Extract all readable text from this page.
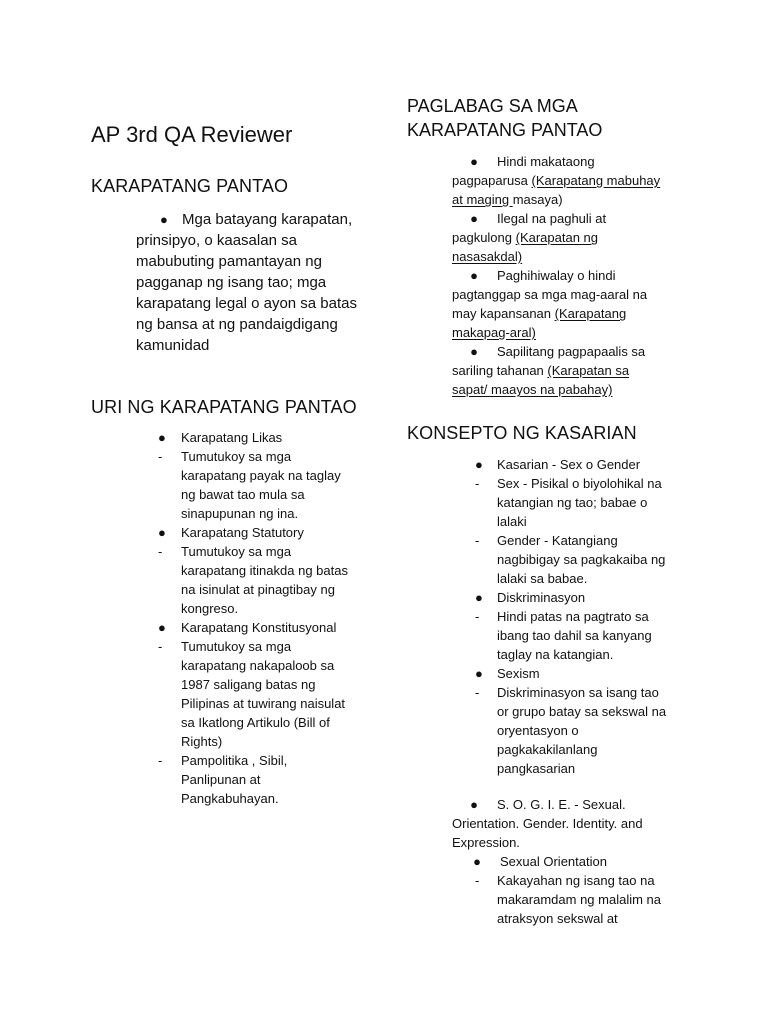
AP 3rd QA Reviewer
KARAPATANG PANTAO
● Mga batayang karapatan,
prinsipyo, o kaasalan sa
mabubuting pamantayan ng
pagganap ng isang tao; mga
karapatang legal o ayon sa batas
ng bansa at ng pandaigdigang
kamunidad
URI NG KARAPATANG PANTAO
● Karapatang Likas
- Tumutukoy sa mga
karapatang payak na taglay
ng bawat tao mula sa
sinapupunan ng ina.
● Karapatang Statutory
- Tumutukoy sa mga
karapatang itinakda ng batas
na isinulat at pinagtibay ng
kongreso.
● Karapatang Konstitusyonal
- Tumutukoy sa mga
karapatang nakapaloob sa
1987 saligang batas ng
Pilipinas at tuwirang naisulat
sa Ikatlong Artikulo (Bill of
Rights)
- Pampolitika , Sibil,
Panlipunan at
Pangkabuhayan.
PAGLABAG SA MGA
KARAPATANG PANTAO
● Hindi makataong
pagpaparusa (Karapatang mabuhay
at maging masaya)
● Ilegal na paghuli at
pagkulong (Karapatan ng
nasasakdal)
● Paghihiwalay o hindi
pagtanggap sa mga mag-aaral na
may kapansanan (Karapatang
makapag-aral)
● Sapilitang pagpapaalis sa
sariling tahanan (Karapatan sa
sapat/ maayos na pabahay)
KONSEPTO NG KASARIAN
● Kasarian - Sex o Gender
- Sex - Pisikal o biyolohikal na
katangian ng tao; babae o
lalaki
- Gender - Katangiang
nagbibigay sa pagkakaiba ng
lalaki sa babae.
● Diskriminasyon
- Hindi patas na pagtrato sa
ibang tao dahil sa kanyang
taglay na katangian.
● Sexism
- Diskriminasyon sa isang tao
or grupo batay sa sekswal na
oryentasyon o
pagkakakilanlang
pangkasarian
● S. O. G. I. E. - Sexual.
Orientation. Gender. Identity. and
Expression.
● Sexual Orientation
- Kakayahan ng isang tao na
makaramdam ng malalim na
atraksyon sekswal at
